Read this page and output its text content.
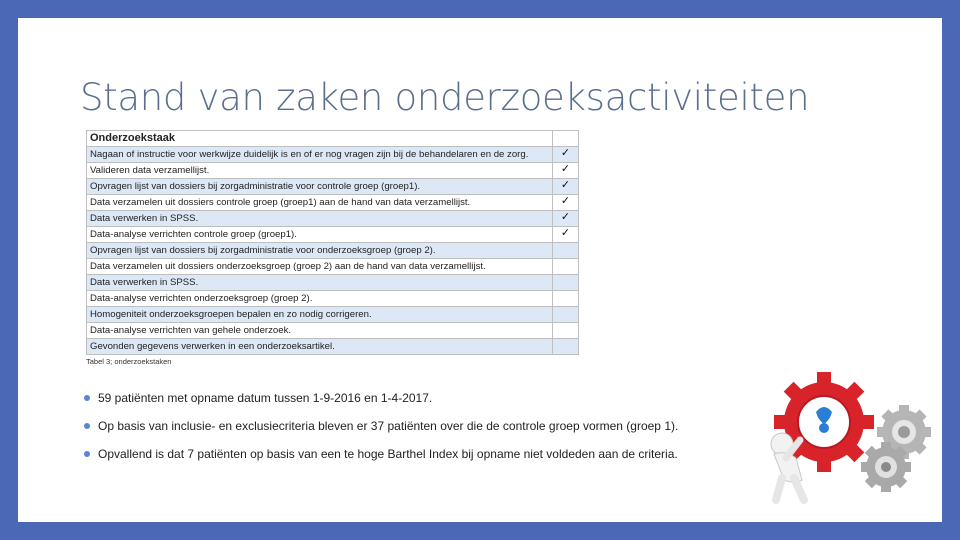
Stand van zaken onderzoeksactiviteiten
Onderzoekstaak	
Nagaan of instructie voor werkwijze duidelijk is en of er nog vragen zijn bij de behandelaren en de zorg.	✓
Valideren data verzamellijst.	✓
Opvragen lijst van dossiers bij zorgadministratie voor controle groep (groep1).	✓
Data verzamelen uit dossiers controle groep (groep1) aan de hand van data verzamellijst.	✓
Data verwerken in SPSS.	✓
Data-analyse verrichten controle groep (groep1).	✓
Opvragen lijst van dossiers bij zorgadministratie voor onderzoeksgroep (groep 2).	
Data verzamelen uit dossiers onderzoeksgroep (groep 2) aan de hand van data verzamellijst.	
Data verwerken in SPSS.	
Data-analyse verrichten onderzoeksgroep (groep 2).	
Homogeniteit onderzoeksgroepen bepalen en zo nodig corrigeren.	
Data-analyse verrichten van gehele onderzoek.	
Gevonden gegevens verwerken in een onderzoeksartikel.	
Tabel 3; onderzoekstaken
59 patiënten met opname datum tussen 1-9-2016 en 1-4-2017.
Op basis van inclusie- en exclusiecriteria bleven er 37 patiënten over die de controle groep vormen (groep 1).
Opvallend is dat 7 patiënten op basis van een te hoge Barthel Index bij opname niet voldeden aan de criteria.
